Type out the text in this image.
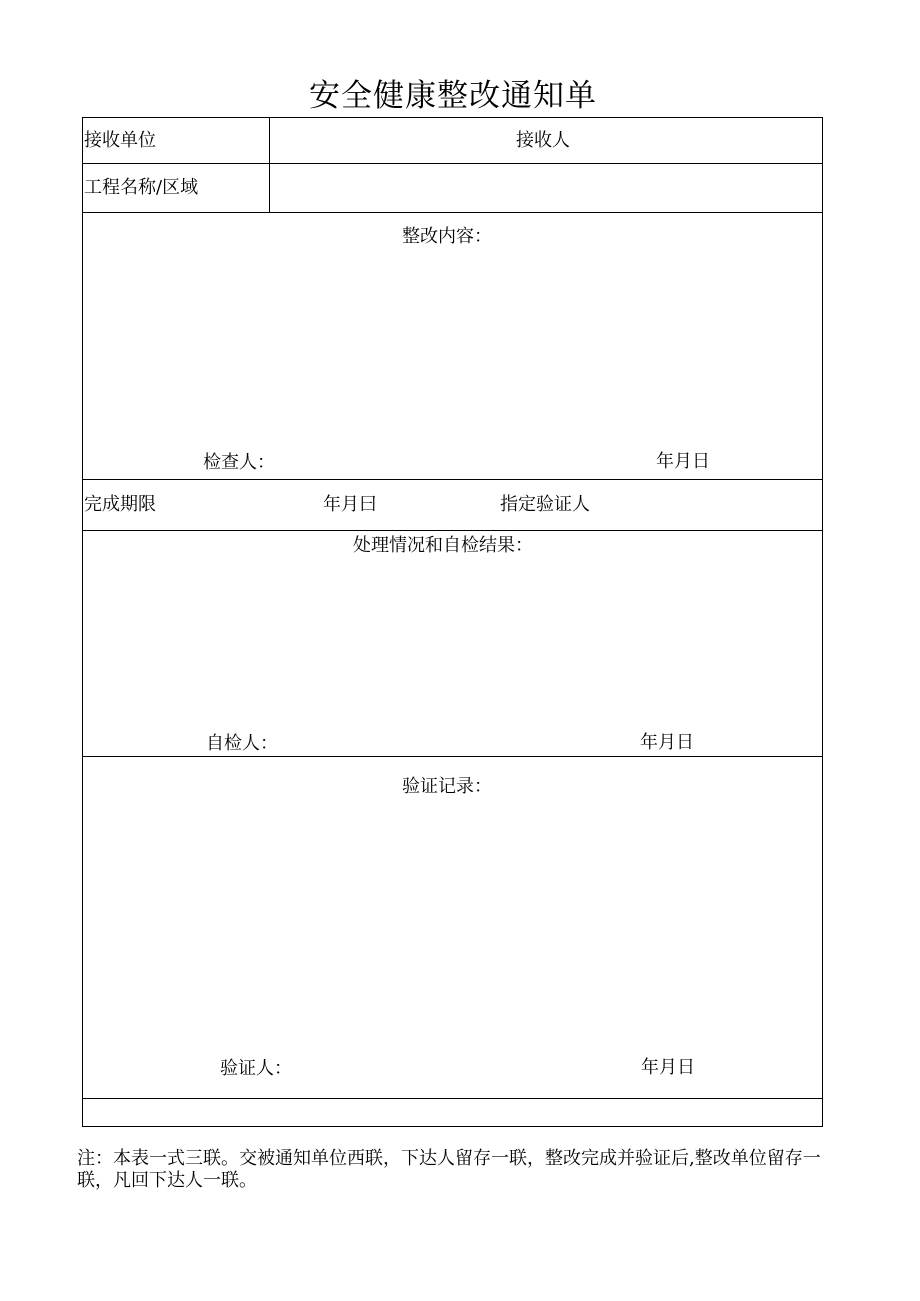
安全健康整改通知单
接收单位	接收人
工程名称/区域
整改内容：
检查人：	年月日
完成期限	年月曰	指定验证人
处理情况和自检结果：
自检人：	年月日
验证记录：
验证人：	年月日
注：本表一式三联。交被通知单位西联，下达人留存一联，整改完成并验证后,整改单位留存一联，凡回下达人一联。
